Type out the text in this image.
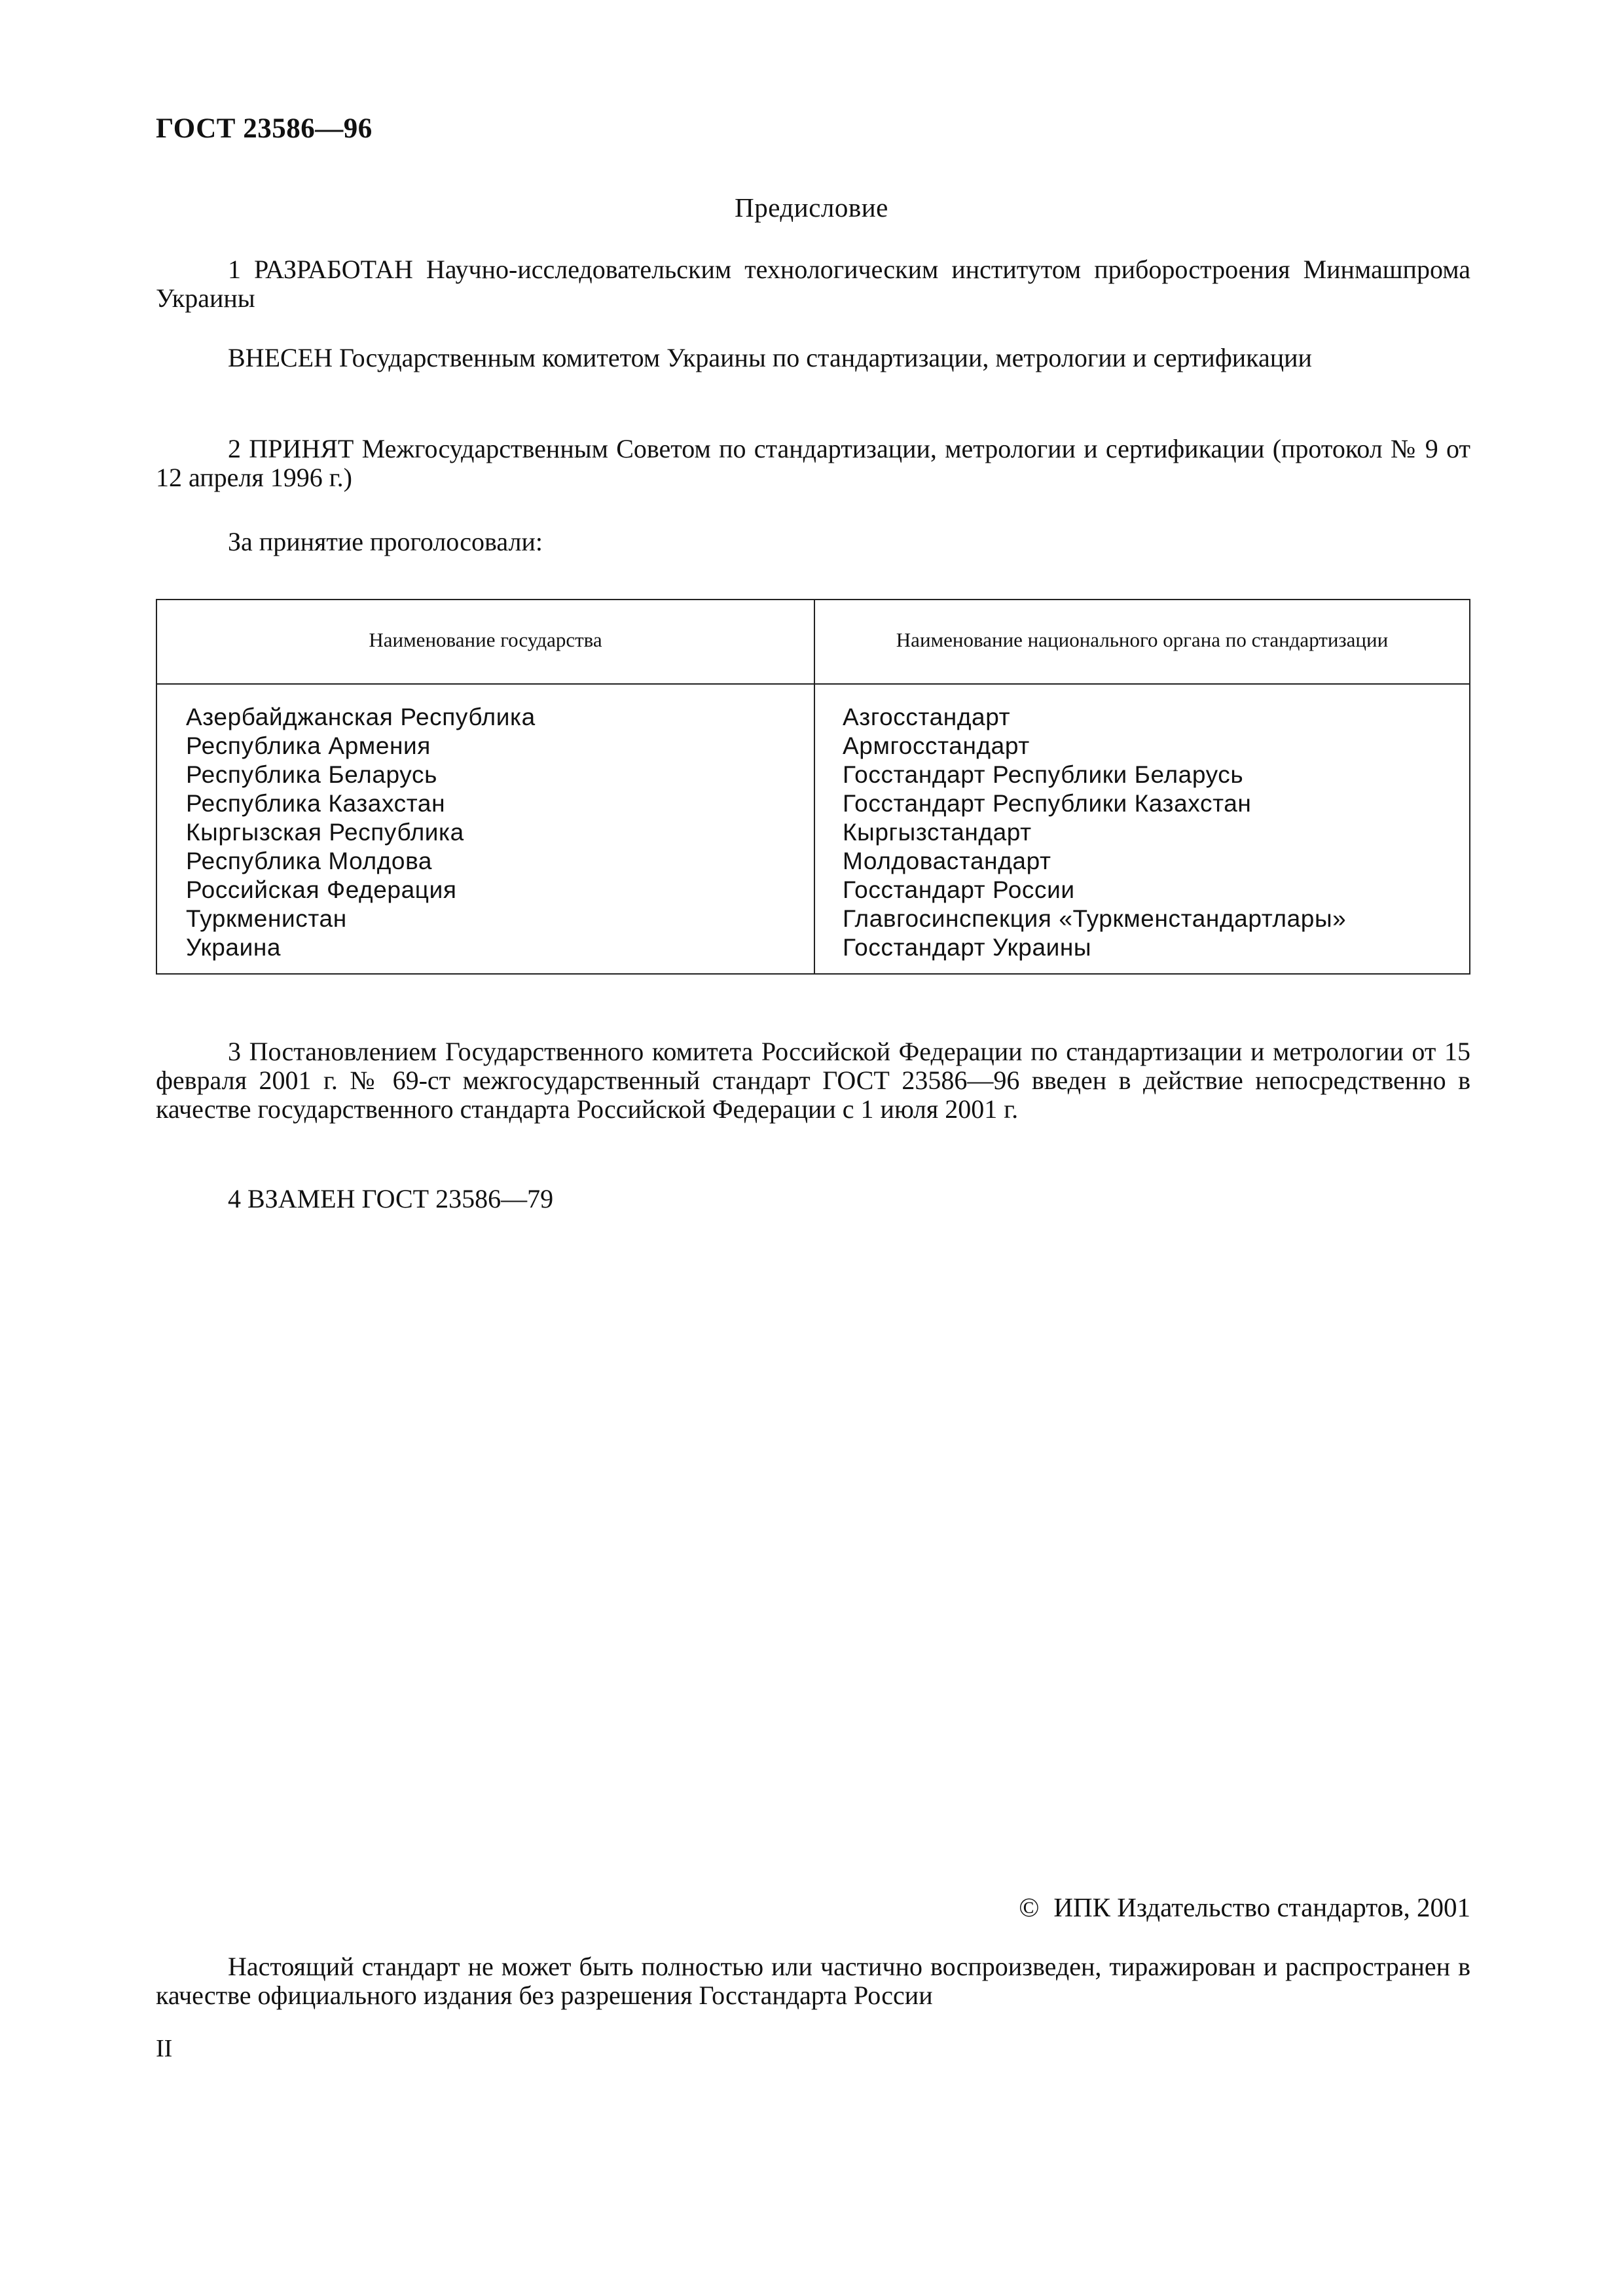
ГОСТ 23586—96
Предисловие

1 РАЗРАБОТАН Научно-исследовательским технологическим институтом приборостроения Минмашпрома Украины

ВНЕСЕН Государственным комитетом Украины по стандартизации, метрологии и сертификации

2 ПРИНЯТ Межгосударственным Советом по стандартизации, метрологии и сертификации (протокол № 9 от 12 апреля 1996 г.)

За принятие проголосовали:

Наименование государства	Наименование национального органа по стандартизации
Азербайджанская Республика
Республика Армения
Республика Беларусь
Республика Казахстан
Кыргызская Республика
Республика Молдова
Российская Федерация
Туркменистан
Украина
Азгосстандарт
Армгосстандарт
Госстандарт Республики Беларусь
Госстандарт Республики Казахстан
Кыргызстандарт
Молдовастандарт
Госстандарт России
Главгосинспекция «Туркменстандартлары»
Госстандарт Украины

3 Постановлением Государственного комитета Российской Федерации по стандартизации и метрологии от 15 февраля 2001 г. № 69-ст межгосударственный стандарт ГОСТ 23586—96 введен в действие непосредственно в качестве государственного стандарта Российской Федерации с 1 июля 2001 г.

4 ВЗАМЕН ГОСТ 23586—79

© ИПК Издательство стандартов, 2001

Настоящий стандарт не может быть полностью или частично воспроизведен, тиражирован и распространен в качестве официального издания без разрешения Госстандарта России

II
